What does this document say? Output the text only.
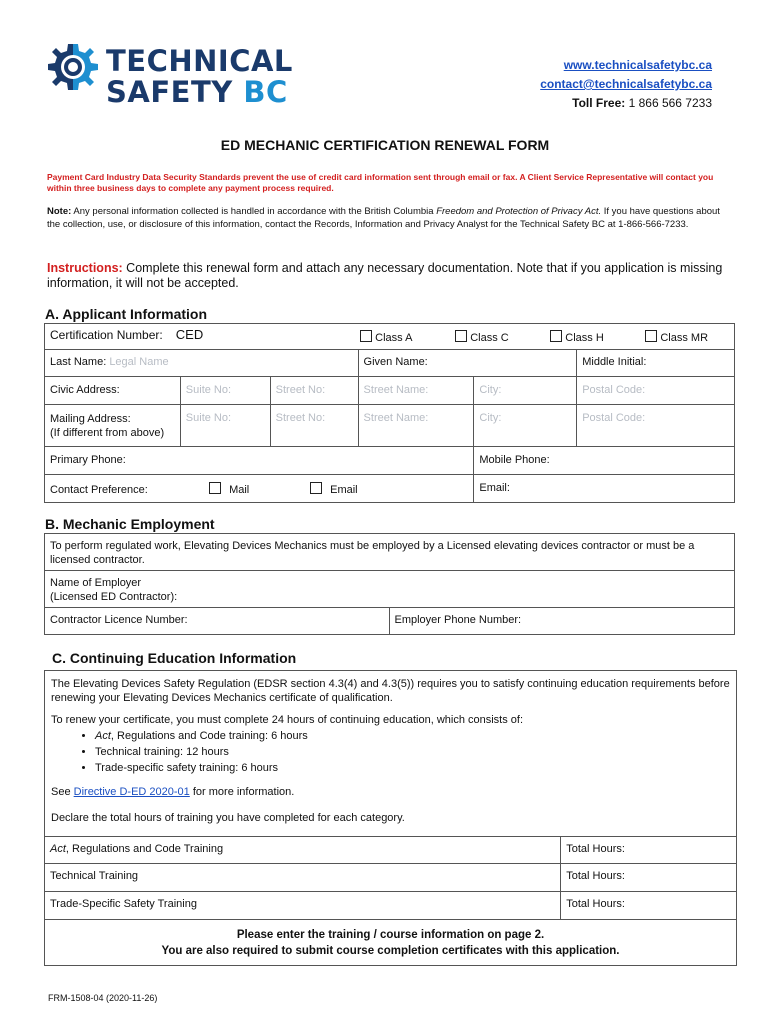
TECHNICAL
SAFETY BC
www.technicalsafetybc.ca
contact@technicalsafetybc.ca
Toll Free: 1 866 566 7233
ED MECHANIC CERTIFICATION RENEWAL FORM
Payment Card Industry Data Security Standards prevent the use of credit card information sent through email or fax. A Client Service Representative will contact you within three business days to complete any payment process required.
Note: Any personal information collected is handled in accordance with the British Columbia Freedom and Protection of Privacy Act. If you have questions about the collection, use, or disclosure of this information, contact the Records, Information and Privacy Analyst for the Technical Safety BC at 1-866-566-7233.
Instructions: Complete this renewal form and attach any necessary documentation. Note that if you application is missing information, it will not be accepted.
A. Applicant Information
Certification Number: CED		Class A Class C Class H Class MR			
Last Name: Legal Name			Given Name:		Middle Initial:
Civic Address:	Suite No:	Street No:	Street Name:	City:	Postal Code:

Mailing Address:
(If different from above)	Suite No:	Street No:	Street Name:	City:	Postal Code:
Primary Phone:				Mobile Phone:	
Contact Preference: Mail Email				Email:	
B. Mechanic Employment
To perform regulated work, Elevating Devices Mechanics must be employed by a Licensed elevating devices contractor or must be a licensed contractor.

Name of Employer
(Licensed ED Contractor):

Contractor Licence Number:	Employer Phone Number:
C. Continuing Education Information
The Elevating Devices Safety Regulation (EDSR section 4.3(4) and 4.3(5)) requires you to satisfy continuing education requirements before renewing your Elevating Devices Mechanics certificate of qualification.
To renew your certificate, you must complete 24 hours of continuing education, which consists of:
• Act, Regulations and Code training: 6 hours
• Technical training: 12 hours
• Trade-specific safety training: 6 hours
See Directive D-ED 2020-01 for more information.
Declare the total hours of training you have completed for each category.
Act, Regulations and Code Training	Total Hours:
Technical Training	Total Hours:
Trade-Specific Safety Training	Total Hours:
Please enter the training / course information on page 2.
You are also required to submit course completion certificates with this application.
FRM-1508-04 (2020-11-26)
